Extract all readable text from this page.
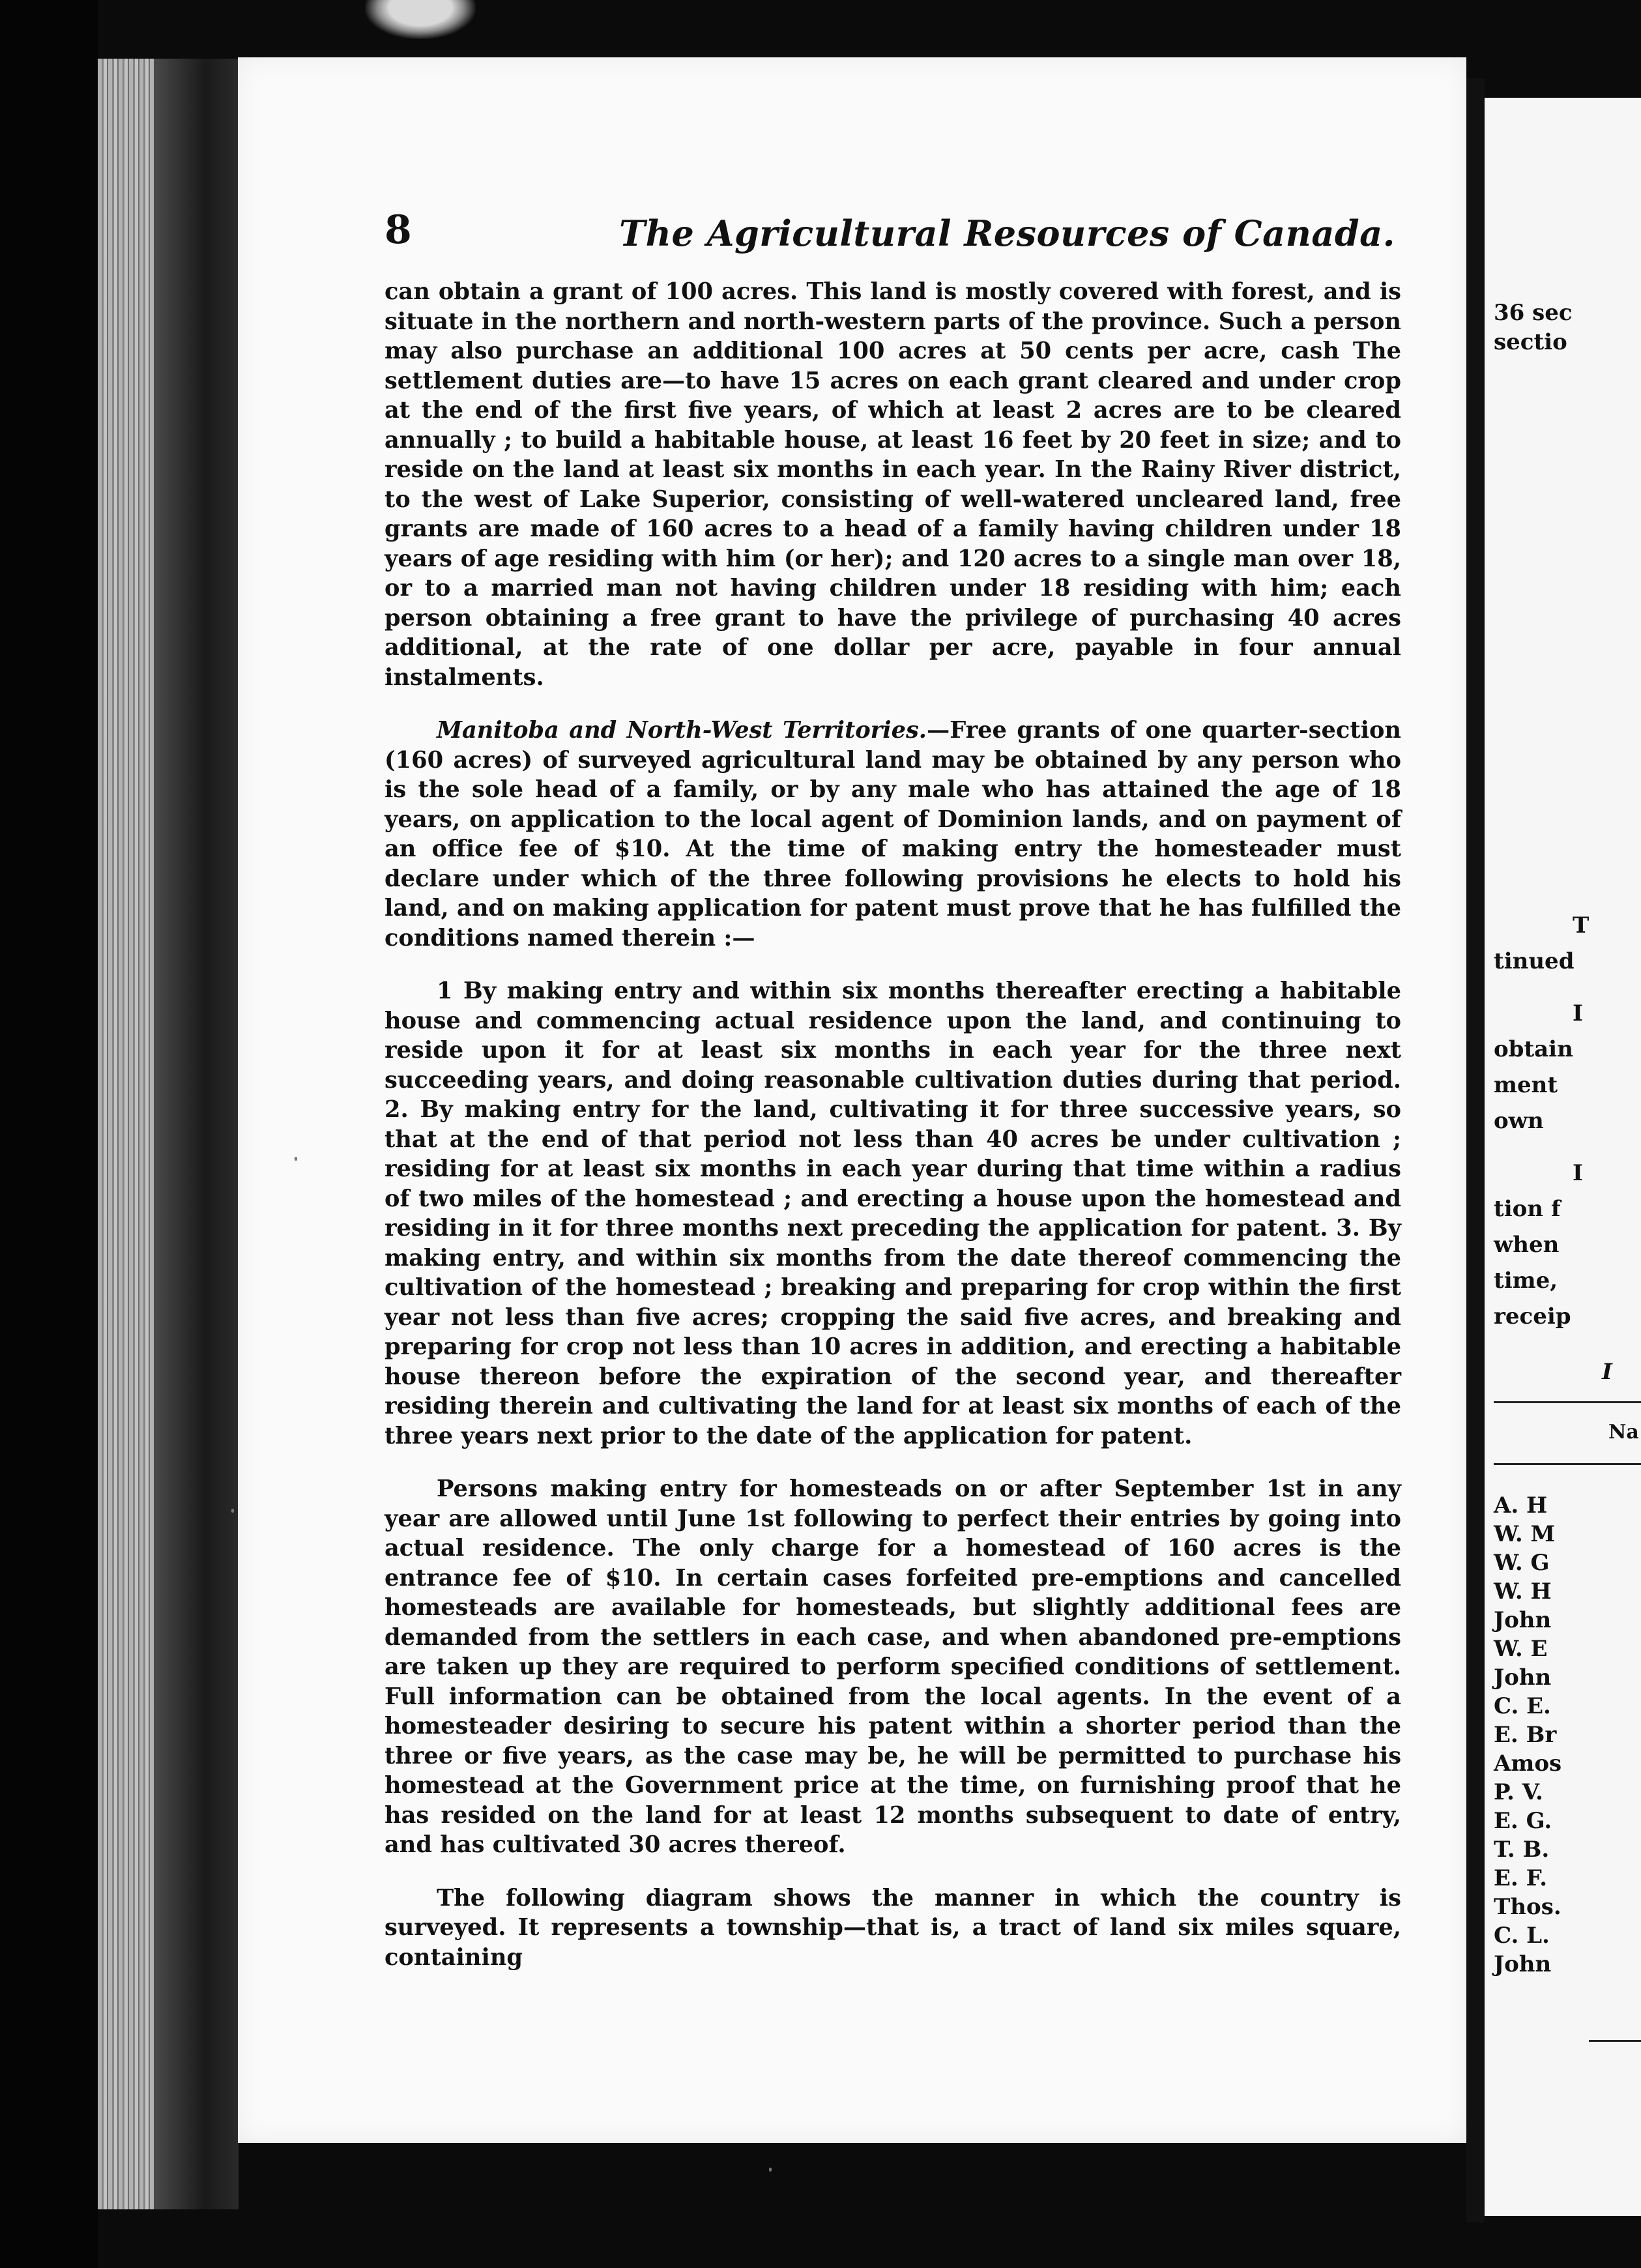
8	The Agricultural Resources of Canada.

can obtain a grant of 100 acres. This land is mostly covered with forest, and is situate in the northern and north-western parts of the province. Such a person may also purchase an additional 100 acres at 50 cents per acre, cash The settlement duties are—to have 15 acres on each grant cleared and under crop at the end of the first five years, of which at least 2 acres are to be cleared annually ; to build a habitable house, at least 16 feet by 20 feet in size; and to reside on the land at least six months in each year. In the Rainy River district, to the west of Lake Superior, consisting of well-watered uncleared land, free grants are made of 160 acres to a head of a family having children under 18 years of age residing with him (or her); and 120 acres to a single man over 18, or to a married man not having children under 18 residing with him; each person obtaining a free grant to have the privilege of purchasing 40 acres additional, at the rate of one dollar per acre, payable in four annual instalments.

Manitoba and North-West Territories.—Free grants of one quarter-section (160 acres) of surveyed agricultural land may be obtained by any person who is the sole head of a family, or by any male who has attained the age of 18 years, on application to the local agent of Dominion lands, and on payment of an office fee of $10. At the time of making entry the homesteader must declare under which of the three following provisions he elects to hold his land, and on making application for patent must prove that he has fulfilled the conditions named therein :—

1 By making entry and within six months thereafter erecting a habitable house and commencing actual residence upon the land, and continuing to reside upon it for at least six months in each year for the three next succeeding years, and doing reasonable cultivation duties during that period. 2. By making entry for the land, cultivating it for three successive years, so that at the end of that period not less than 40 acres be under cultivation ; residing for at least six months in each year during that time within a radius of two miles of the homestead ; and erecting a house upon the homestead and residing in it for three months next preceding the application for patent. 3. By making entry, and within six months from the date thereof commencing the cultivation of the homestead ; breaking and preparing for crop within the first year not less than five acres; cropping the said five acres, and breaking and preparing for crop not less than 10 acres in addition, and erecting a habitable house thereon before the expiration of the second year, and thereafter residing therein and cultivating the land for at least six months of each of the three years next prior to the date of the application for patent.

Persons making entry for homesteads on or after September 1st in any year are allowed until June 1st following to perfect their entries by going into actual residence. The only charge for a homestead of 160 acres is the entrance fee of $10. In certain cases forfeited pre-emptions and cancelled homesteads are available for homesteads, but slightly additional fees are demanded from the settlers in each case, and when abandoned pre-emptions are taken up they are required to perform specified conditions of settlement. Full information can be obtained from the local agents. In the event of a homesteader desiring to secure his patent within a shorter period than the three or five years, as the case may be, he will be permitted to purchase his homestead at the Government price at the time, on furnishing proof that he has resided on the land for at least 12 months subsequent to date of entry, and has cultivated 30 acres thereof.

The following diagram shows the manner in which the country is surveyed. It represents a township—that is, a tract of land six miles square, containing

36 sec
sectio
T
tinued
I
obtain
ment
own
I
tion f
when
time,
receip
I
Na
A. H
W. M
W. G
W. H
John
W. E
John
C. E.
E. Br
Amos
P. V.
E. G.
T. B.
E. F.
Thos.
C. L.
John
